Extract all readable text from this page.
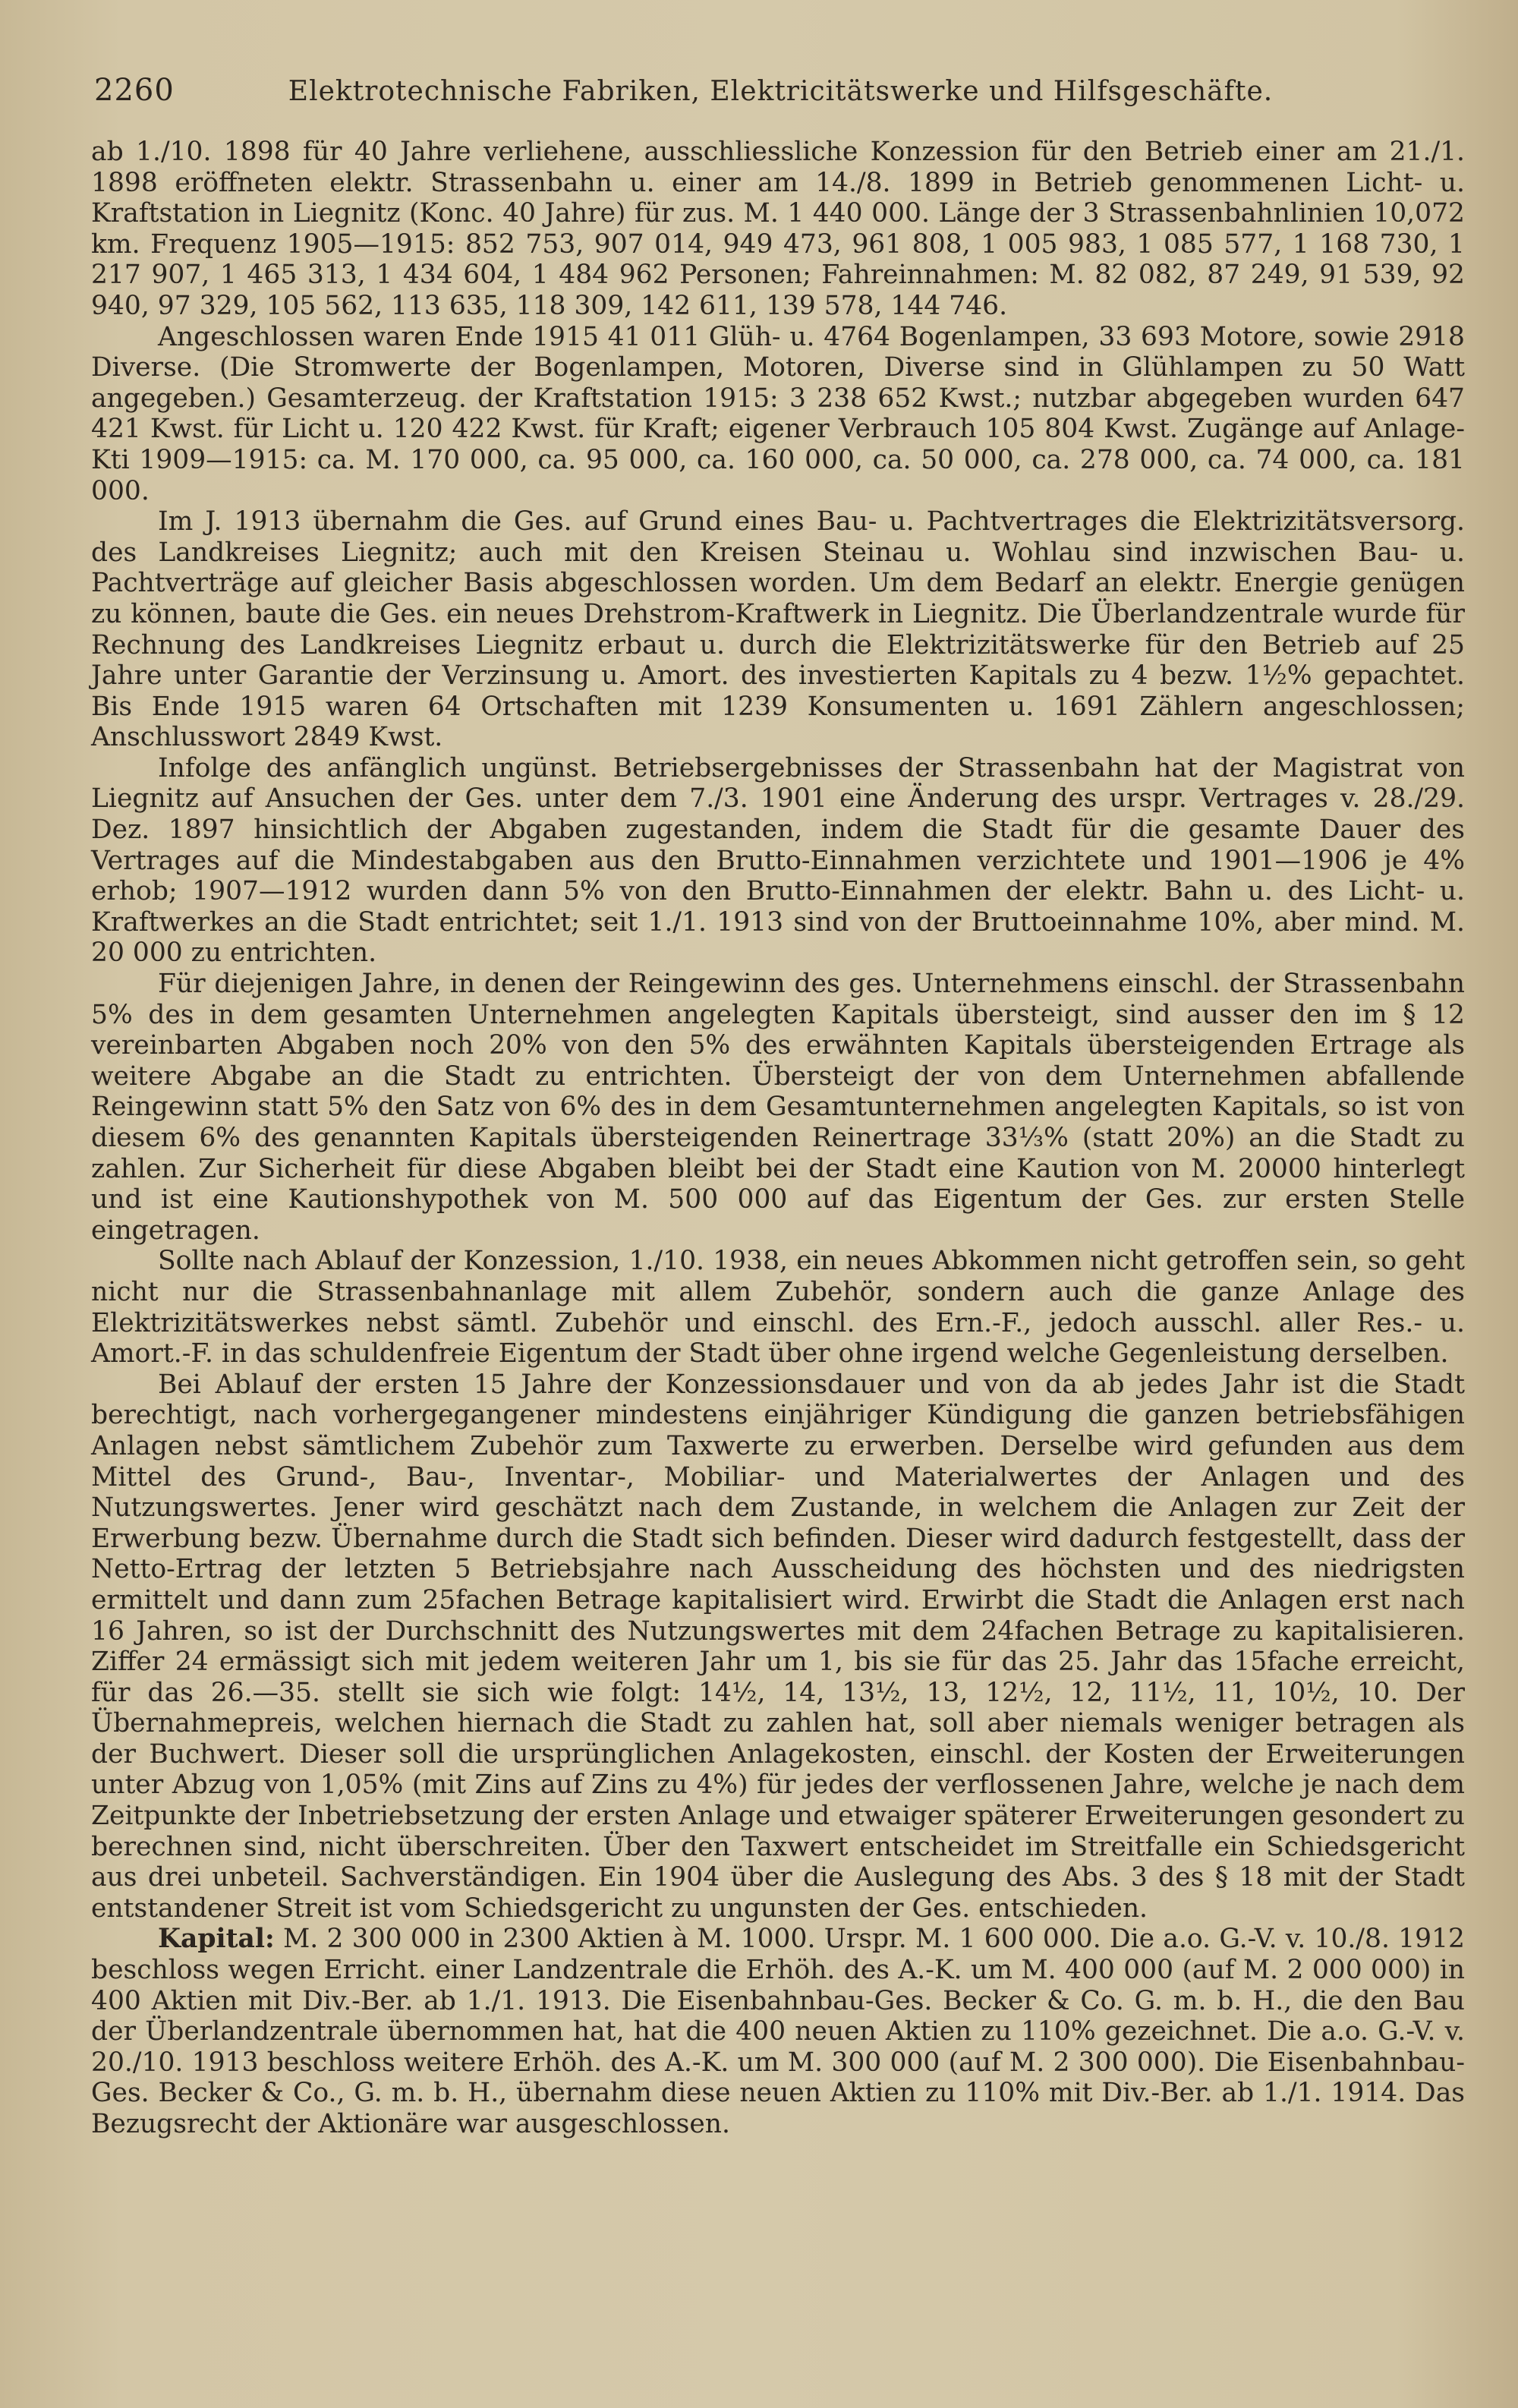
2260	Elektrotechnische Fabriken, Elektricitätswerke und Hilfsgeschäfte.

ab 1./10. 1898 für 40 Jahre verliehene, ausschliessliche Konzession für den Betrieb einer am 21./1. 1898 eröffneten elektr. Strassenbahn u. einer am 14./8. 1899 in Betrieb genommenen Licht- u. Kraftstation in Liegnitz (Konc. 40 Jahre) für zus. M. 1 440 000. Länge der 3 Strassenbahnlinien 10,072 km. Frequenz 1905—1915: 852 753, 907 014, 949 473, 961 808, 1 005 983, 1 085 577, 1 168 730, 1 217 907, 1 465 313, 1 434 604, 1 484 962 Personen; Fahreinnahmen: M. 82 082, 87 249, 91 539, 92 940, 97 329, 105 562, 113 635, 118 309, 142 611, 139 578, 144 746.

Angeschlossen waren Ende 1915 41 011 Glüh- u. 4764 Bogenlampen, 33 693 Motore, sowie 2918 Diverse. (Die Stromwerte der Bogenlampen, Motoren, Diverse sind in Glühlampen zu 50 Watt angegeben.) Gesamterzeug. der Kraftstation 1915: 3 238 652 Kwst.; nutzbar abgegeben wurden 647 421 Kwst. für Licht u. 120 422 Kwst. für Kraft; eigener Verbrauch 105 804 Kwst. Zugänge auf Anlage-Kti 1909—1915: ca. M. 170 000, ca. 95 000, ca. 160 000, ca. 50 000, ca. 278 000, ca. 74 000, ca. 181 000.

Im J. 1913 übernahm die Ges. auf Grund eines Bau- u. Pachtvertrages die Elektrizitätsversorg. des Landkreises Liegnitz; auch mit den Kreisen Steinau u. Wohlau sind inzwischen Bau- u. Pachtverträge auf gleicher Basis abgeschlossen worden. Um dem Bedarf an elektr. Energie genügen zu können, baute die Ges. ein neues Drehstrom-Kraftwerk in Liegnitz. Die Überlandzentrale wurde für Rechnung des Landkreises Liegnitz erbaut u. durch die Elektrizitätswerke für den Betrieb auf 25 Jahre unter Garantie der Verzinsung u. Amort. des investierten Kapitals zu 4 bezw. 1½% gepachtet. Bis Ende 1915 waren 64 Ortschaften mit 1239 Konsumenten u. 1691 Zählern angeschlossen; Anschlusswort 2849 Kwst.

Infolge des anfänglich ungünst. Betriebsergebnisses der Strassenbahn hat der Magistrat von Liegnitz auf Ansuchen der Ges. unter dem 7./3. 1901 eine Änderung des urspr. Vertrages v. 28./29. Dez. 1897 hinsichtlich der Abgaben zugestanden, indem die Stadt für die gesamte Dauer des Vertrages auf die Mindestabgaben aus den Brutto-Einnahmen verzichtete und 1901—1906 je 4% erhob; 1907—1912 wurden dann 5% von den Brutto-Einnahmen der elektr. Bahn u. des Licht- u. Kraftwerkes an die Stadt entrichtet; seit 1./1. 1913 sind von der Bruttoeinnahme 10%, aber mind. M. 20 000 zu entrichten.

Für diejenigen Jahre, in denen der Reingewinn des ges. Unternehmens einschl. der Strassenbahn 5% des in dem gesamten Unternehmen angelegten Kapitals übersteigt, sind ausser den im § 12 vereinbarten Abgaben noch 20% von den 5% des erwähnten Kapitals übersteigenden Ertrage als weitere Abgabe an die Stadt zu entrichten. Übersteigt der von dem Unternehmen abfallende Reingewinn statt 5% den Satz von 6% des in dem Gesamtunternehmen angelegten Kapitals, so ist von diesem 6% des genannten Kapitals übersteigenden Reinertrage 33⅓% (statt 20%) an die Stadt zu zahlen. Zur Sicherheit für diese Abgaben bleibt bei der Stadt eine Kaution von M. 20000 hinterlegt und ist eine Kautionshypothek von M. 500 000 auf das Eigentum der Ges. zur ersten Stelle eingetragen.

Sollte nach Ablauf der Konzession, 1./10. 1938, ein neues Abkommen nicht getroffen sein, so geht nicht nur die Strassenbahnanlage mit allem Zubehör, sondern auch die ganze Anlage des Elektrizitätswerkes nebst sämtl. Zubehör und einschl. des Ern.-F., jedoch ausschl. aller Res.- u. Amort.-F. in das schuldenfreie Eigentum der Stadt über ohne irgend welche Gegenleistung derselben.

Bei Ablauf der ersten 15 Jahre der Konzessionsdauer und von da ab jedes Jahr ist die Stadt berechtigt, nach vorhergegangener mindestens einjähriger Kündigung die ganzen betriebsfähigen Anlagen nebst sämtlichem Zubehör zum Taxwerte zu erwerben. Derselbe wird gefunden aus dem Mittel des Grund-, Bau-, Inventar-, Mobiliar- und Materialwertes der Anlagen und des Nutzungswertes. Jener wird geschätzt nach dem Zustande, in welchem die Anlagen zur Zeit der Erwerbung bezw. Übernahme durch die Stadt sich befinden. Dieser wird dadurch festgestellt, dass der Netto-Ertrag der letzten 5 Betriebsjahre nach Ausscheidung des höchsten und des niedrigsten ermittelt und dann zum 25fachen Betrage kapitalisiert wird. Erwirbt die Stadt die Anlagen erst nach 16 Jahren, so ist der Durchschnitt des Nutzungswertes mit dem 24fachen Betrage zu kapitalisieren. Ziffer 24 ermässigt sich mit jedem weiteren Jahr um 1, bis sie für das 25. Jahr das 15fache erreicht, für das 26.—35. stellt sie sich wie folgt: 14½, 14, 13½, 13, 12½, 12, 11½, 11, 10½, 10. Der Übernahmepreis, welchen hiernach die Stadt zu zahlen hat, soll aber niemals weniger betragen als der Buchwert. Dieser soll die ursprünglichen Anlagekosten, einschl. der Kosten der Erweiterungen unter Abzug von 1,05% (mit Zins auf Zins zu 4%) für jedes der verflossenen Jahre, welche je nach dem Zeitpunkte der Inbetriebsetzung der ersten Anlage und etwaiger späterer Erweiterungen gesondert zu berechnen sind, nicht überschreiten. Über den Taxwert entscheidet im Streitfalle ein Schiedsgericht aus drei unbeteil. Sachverständigen. Ein 1904 über die Auslegung des Abs. 3 des § 18 mit der Stadt entstandener Streit ist vom Schiedsgericht zu ungunsten der Ges. entschieden.

Kapital: M. 2 300 000 in 2300 Aktien à M. 1000. Urspr. M. 1 600 000. Die a.o. G.-V. v. 10./8. 1912 beschloss wegen Erricht. einer Landzentrale die Erhöh. des A.-K. um M. 400 000 (auf M. 2 000 000) in 400 Aktien mit Div.-Ber. ab 1./1. 1913. Die Eisenbahnbau-Ges. Becker & Co. G. m. b. H., die den Bau der Überlandzentrale übernommen hat, hat die 400 neuen Aktien zu 110% gezeichnet. Die a.o. G.-V. v. 20./10. 1913 beschloss weitere Erhöh. des A.-K. um M. 300 000 (auf M. 2 300 000). Die Eisenbahnbau-Ges. Becker & Co., G. m. b. H., übernahm diese neuen Aktien zu 110% mit Div.-Ber. ab 1./1. 1914. Das Bezugsrecht der Aktionäre war ausgeschlossen.
